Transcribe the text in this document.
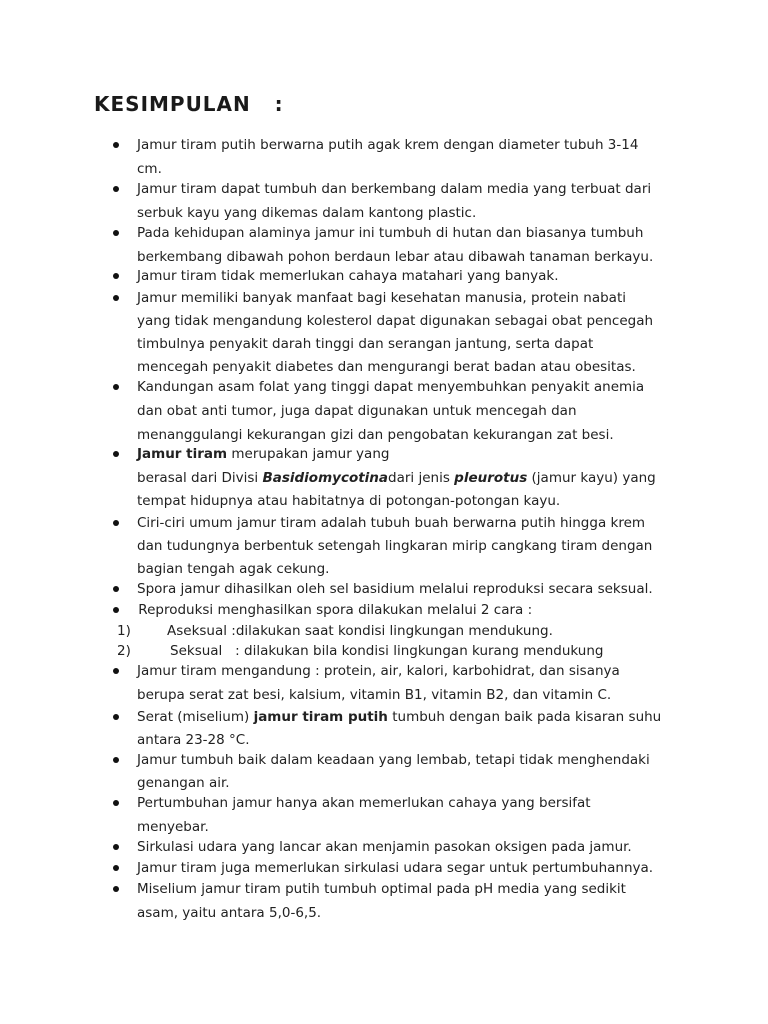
KESIMPULAN   :
Jamur tiram putih berwarna putih agak krem dengan diameter tubuh 3-14
cm.
Jamur tiram dapat tumbuh dan berkembang dalam media yang terbuat dari
serbuk kayu yang dikemas dalam kantong plastic.
Pada kehidupan alaminya jamur ini tumbuh di hutan dan biasanya tumbuh
berkembang dibawah pohon berdaun lebar atau dibawah tanaman berkayu.
Jamur tiram tidak memerlukan cahaya matahari yang banyak.
Jamur memiliki banyak manfaat bagi kesehatan manusia, protein nabati
yang tidak mengandung kolesterol dapat digunakan sebagai obat pencegah
timbulnya penyakit darah tinggi dan serangan jantung, serta dapat
mencegah penyakit diabetes dan mengurangi berat badan atau obesitas.
Kandungan asam folat yang tinggi dapat menyembuhkan penyakit anemia
dan obat anti tumor, juga dapat digunakan untuk mencegah dan
menanggulangi kekurangan gizi dan pengobatan kekurangan zat besi.
Jamur tiram merupakan jamur yang
berasal dari Divisi Basidiomycotinadari jenis pleurotus (jamur kayu) yang
tempat hidupnya atau habitatnya di potongan-potongan kayu.
Ciri-ciri umum jamur tiram adalah tubuh buah berwarna putih hingga krem
dan tudungnya berbentuk setengah lingkaran mirip cangkang tiram dengan
bagian tengah agak cekung.
Spora jamur dihasilkan oleh sel basidium melalui reproduksi secara seksual.
Reproduksi menghasilkan spora dilakukan melalui 2 cara :
1)	Aseksual :dilakukan saat kondisi lingkungan mendukung.
2)	Seksual   : dilakukan bila kondisi lingkungan kurang mendukung
Jamur tiram mengandung : protein, air, kalori, karbohidrat, dan sisanya
berupa serat zat besi, kalsium, vitamin B1, vitamin B2, dan vitamin C.
Serat (miselium) jamur tiram putih tumbuh dengan baik pada kisaran suhu
antara 23-28 °C.
Jamur tumbuh baik dalam keadaan yang lembab, tetapi tidak menghendaki
genangan air.
Pertumbuhan jamur hanya akan memerlukan cahaya yang bersifat
menyebar.
Sirkulasi udara yang lancar akan menjamin pasokan oksigen pada jamur.
Jamur tiram juga memerlukan sirkulasi udara segar untuk pertumbuhannya.
Miselium jamur tiram putih tumbuh optimal pada pH media yang sedikit
asam, yaitu antara 5,0-6,5.
